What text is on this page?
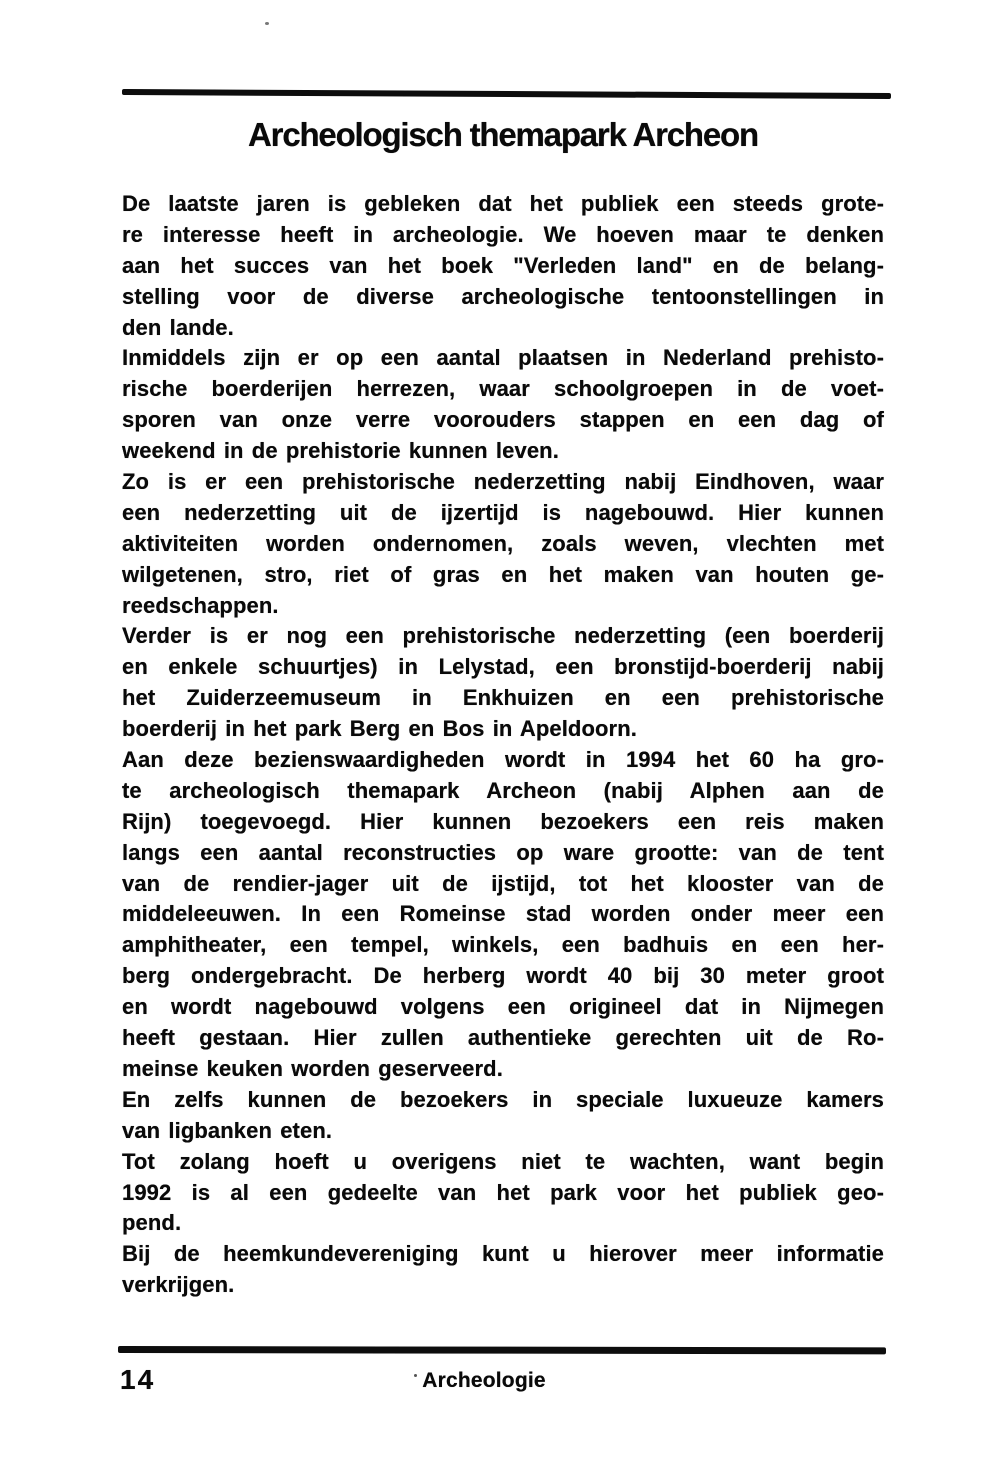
Archeologisch themapark Archeon
De laatste jaren is gebleken dat het publiek een steeds grote-
re interesse heeft in archeologie. We hoeven maar te denken
aan het succes van het boek "Verleden land" en de belang-
stelling voor de diverse archeologische tentoonstellingen in
den lande.
Inmiddels zijn er op een aantal plaatsen in Nederland prehisto-
rische boerderijen herrezen, waar schoolgroepen in de voet-
sporen van onze verre voorouders stappen en een dag of
weekend in de prehistorie kunnen leven.
Zo is er een prehistorische nederzetting nabij Eindhoven, waar
een nederzetting uit de ijzertijd is nagebouwd. Hier kunnen
aktiviteiten worden ondernomen, zoals weven, vlechten met
wilgetenen, stro, riet of gras en het maken van houten ge-
reedschappen.
Verder is er nog een prehistorische nederzetting (een boerderij
en enkele schuurtjes) in Lelystad, een bronstijd-boerderij nabij
het Zuiderzeemuseum in Enkhuizen en een prehistorische
boerderij in het park Berg en Bos in Apeldoorn.
Aan deze bezienswaardigheden wordt in 1994 het 60 ha gro-
te archeologisch themapark Archeon (nabij Alphen aan de
Rijn) toegevoegd. Hier kunnen bezoekers een reis maken
langs een aantal reconstructies op ware grootte: van de tent
van de rendier-jager uit de ijstijd, tot het klooster van de
middeleeuwen. In een Romeinse stad worden onder meer een
amphitheater, een tempel, winkels, een badhuis en een her-
berg ondergebracht. De herberg wordt 40 bij 30 meter groot
en wordt nagebouwd volgens een origineel dat in Nijmegen
heeft gestaan. Hier zullen authentieke gerechten uit de Ro-
meinse keuken worden geserveerd.
En zelfs kunnen de bezoekers in speciale luxueuze kamers
van ligbanken eten.
Tot zolang hoeft u overigens niet te wachten, want begin
1992 is al een gedeelte van het park voor het publiek geo-
pend.
Bij de heemkundevereniging kunt u hierover meer informatie
verkrijgen.
14	Archeologie
